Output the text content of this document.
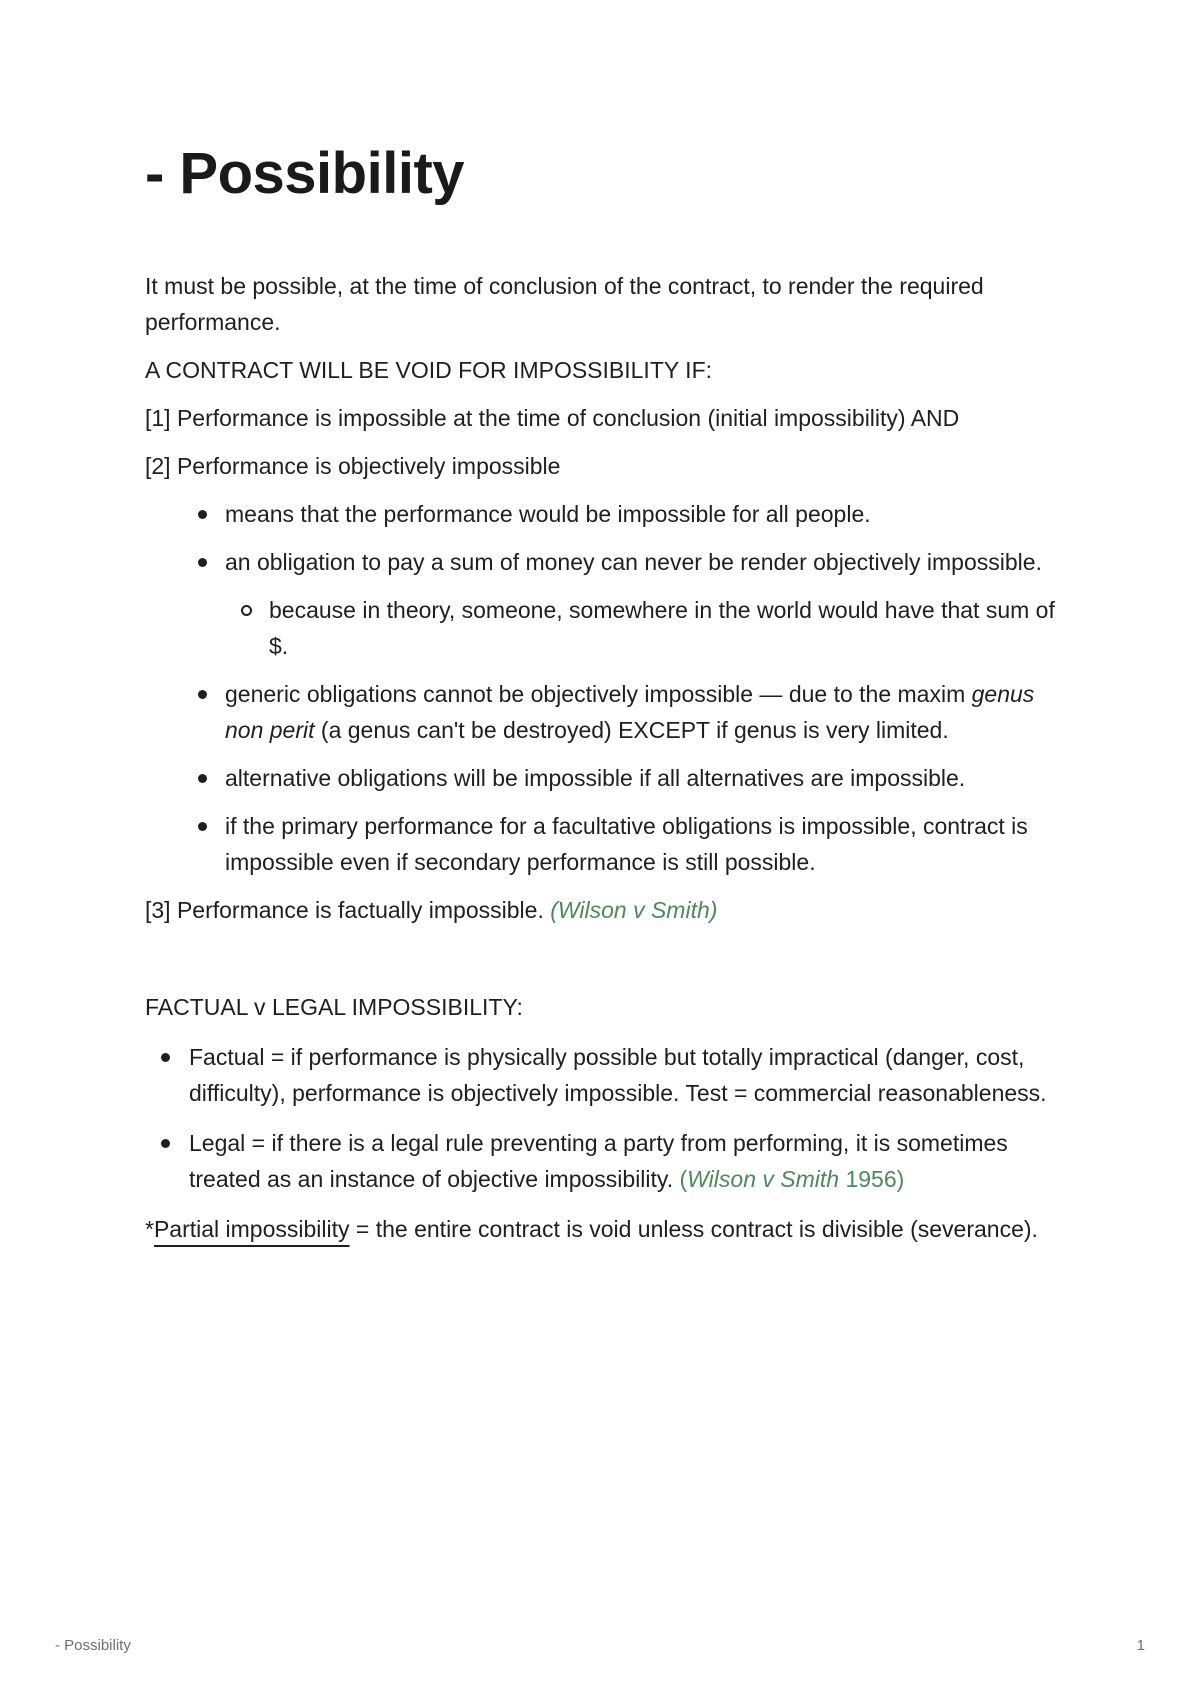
- Possibility

It must be possible, at the time of conclusion of the contract, to render the required performance.

A CONTRACT WILL BE VOID FOR IMPOSSIBILITY IF:

[1] Performance is impossible at the time of conclusion (initial impossibility) AND

[2] Performance is objectively impossible

means that the performance would be impossible for all people.
an obligation to pay a sum of money can never be render objectively impossible.
because in theory, someone, somewhere in the world would have that sum of $.
generic obligations cannot be objectively impossible — due to the maxim genus non perit (a genus can't be destroyed) EXCEPT if genus is very limited.
alternative obligations will be impossible if all alternatives are impossible.
if the primary performance for a facultative obligations is impossible, contract is impossible even if secondary performance is still possible.

[3] Performance is factually impossible. (Wilson v Smith)

FACTUAL v LEGAL IMPOSSIBILITY:

Factual = if performance is physically possible but totally impractical (danger, cost, difficulty), performance is objectively impossible. Test = commercial reasonableness.
Legal = if there is a legal rule preventing a party from performing, it is sometimes treated as an instance of objective impossibility. (Wilson v Smith 1956)

*Partial impossibility = the entire contract is void unless contract is divisible (severance).

- Possibility	1
